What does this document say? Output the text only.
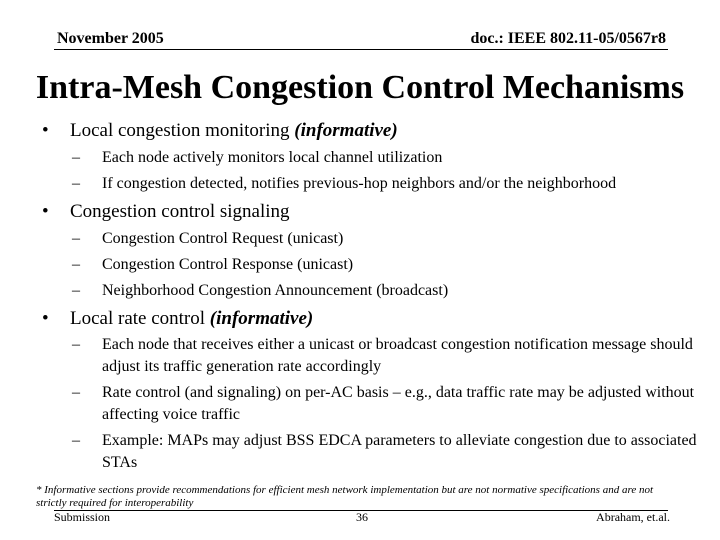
November 2005	doc.: IEEE 802.11-05/0567r8
Intra-Mesh Congestion Control Mechanisms
• Local congestion monitoring (informative)
– Each node actively monitors local channel utilization
– If congestion detected, notifies previous-hop neighbors and/or the neighborhood
• Congestion control signaling
– Congestion Control Request (unicast)
– Congestion Control Response (unicast)
– Neighborhood Congestion Announcement (broadcast)
• Local rate control (informative)
– Each node that receives either a unicast or broadcast congestion notification message should adjust its traffic generation rate accordingly
– Rate control (and signaling) on per-AC basis – e.g., data traffic rate may be adjusted without affecting voice traffic
– Example: MAPs may adjust BSS EDCA parameters to alleviate congestion due to associated STAs
* Informative sections provide recommendations for efficient mesh network implementation but are not normative specifications and are not strictly required for interoperability
Submission	36	Abraham, et.al.
